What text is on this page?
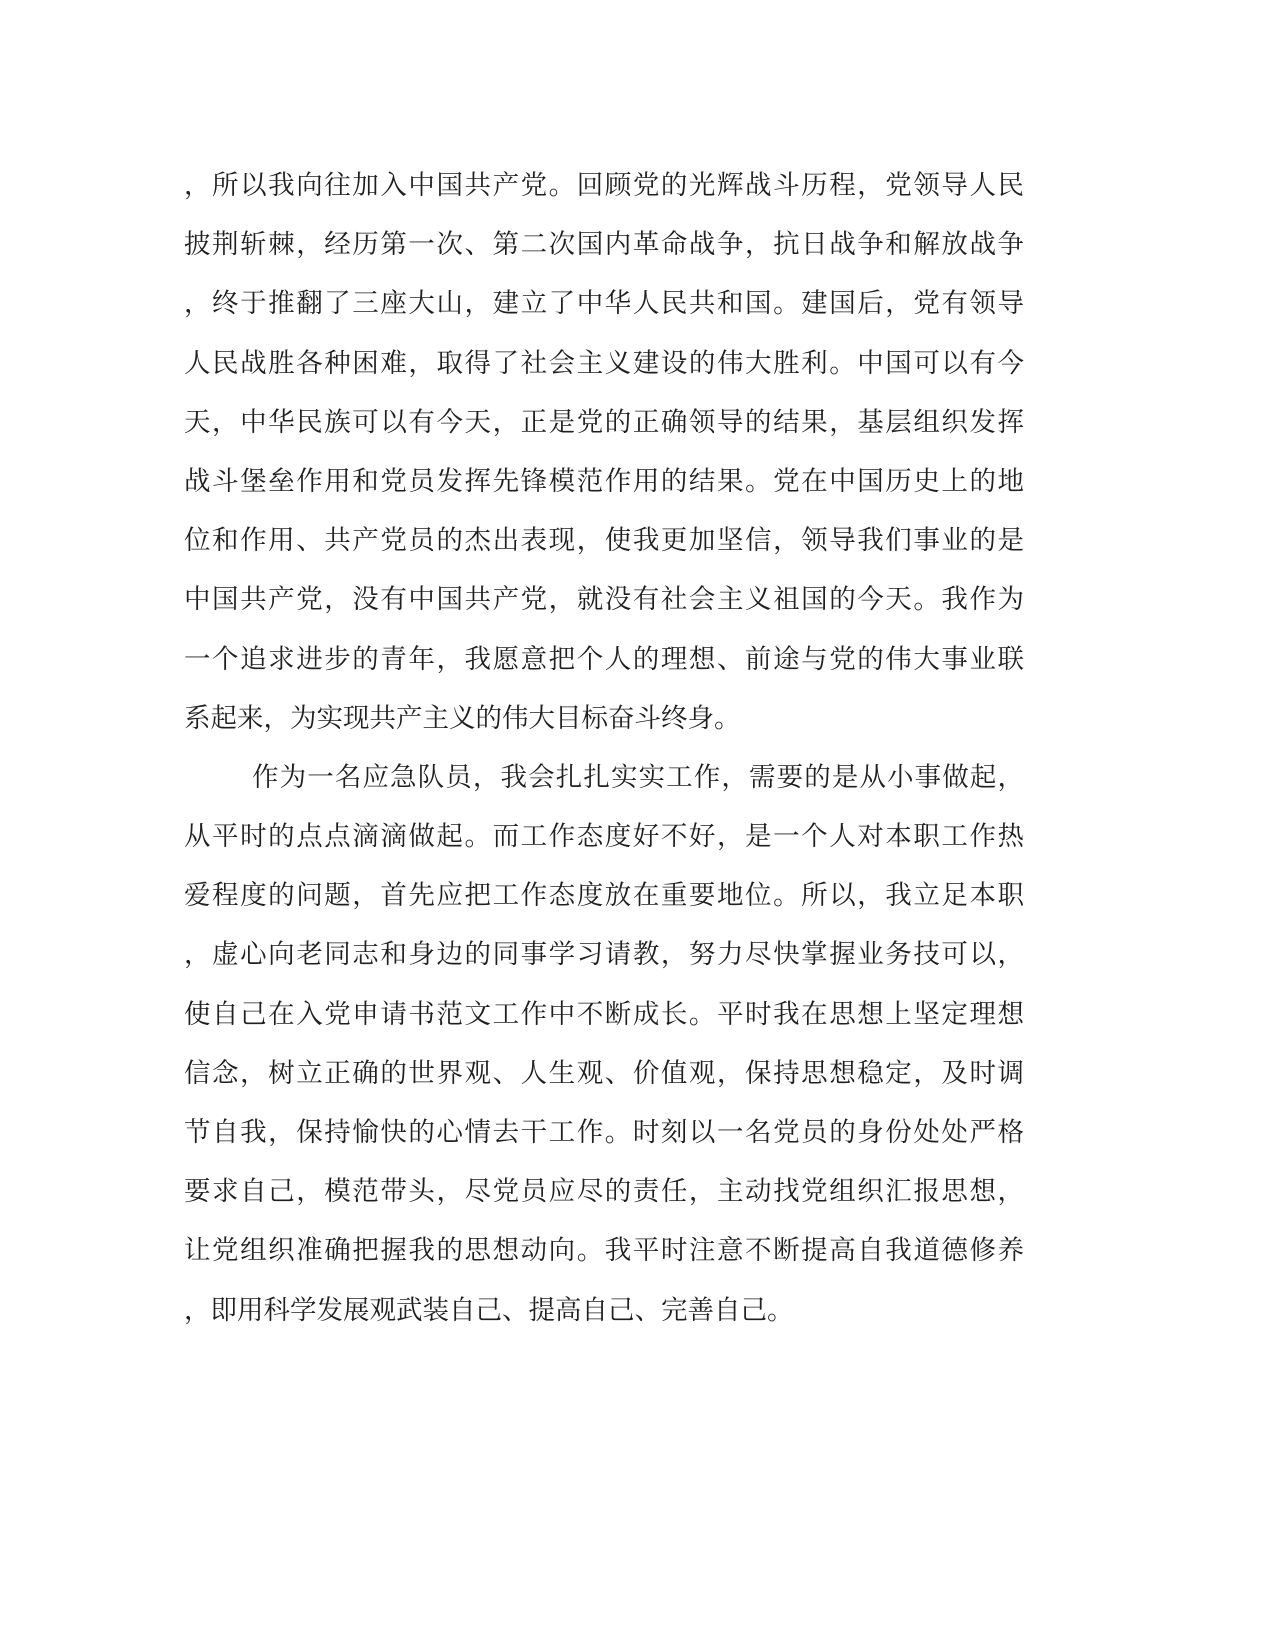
，所以我向往加入中国共产党。回顾党的光辉战斗历程，党领导人民
披荆斩棘，经历第一次、第二次国内革命战争，抗日战争和解放战争
，终于推翻了三座大山，建立了中华人民共和国。建国后，党有领导
人民战胜各种困难，取得了社会主义建设的伟大胜利。中国可以有今
天，中华民族可以有今天，正是党的正确领导的结果，基层组织发挥
战斗堡垒作用和党员发挥先锋模范作用的结果。党在中国历史上的地
位和作用、共产党员的杰出表现，使我更加坚信，领导我们事业的是
中国共产党，没有中国共产党，就没有社会主义祖国的今天。我作为
一个追求进步的青年，我愿意把个人的理想、前途与党的伟大事业联
系起来，为实现共产主义的伟大目标奋斗终身。
作为一名应急队员，我会扎扎实实工作，需要的是从小事做起，
从平时的点点滴滴做起。而工作态度好不好，是一个人对本职工作热
爱程度的问题，首先应把工作态度放在重要地位。所以，我立足本职
，虚心向老同志和身边的同事学习请教，努力尽快掌握业务技可以，
使自己在入党申请书范文工作中不断成长。平时我在思想上坚定理想
信念，树立正确的世界观、人生观、价值观，保持思想稳定，及时调
节自我，保持愉快的心情去干工作。时刻以一名党员的身份处处严格
要求自己，模范带头，尽党员应尽的责任，主动找党组织汇报思想，
让党组织准确把握我的思想动向。我平时注意不断提高自我道德修养
，即用科学发展观武装自己、提高自己、完善自己。
